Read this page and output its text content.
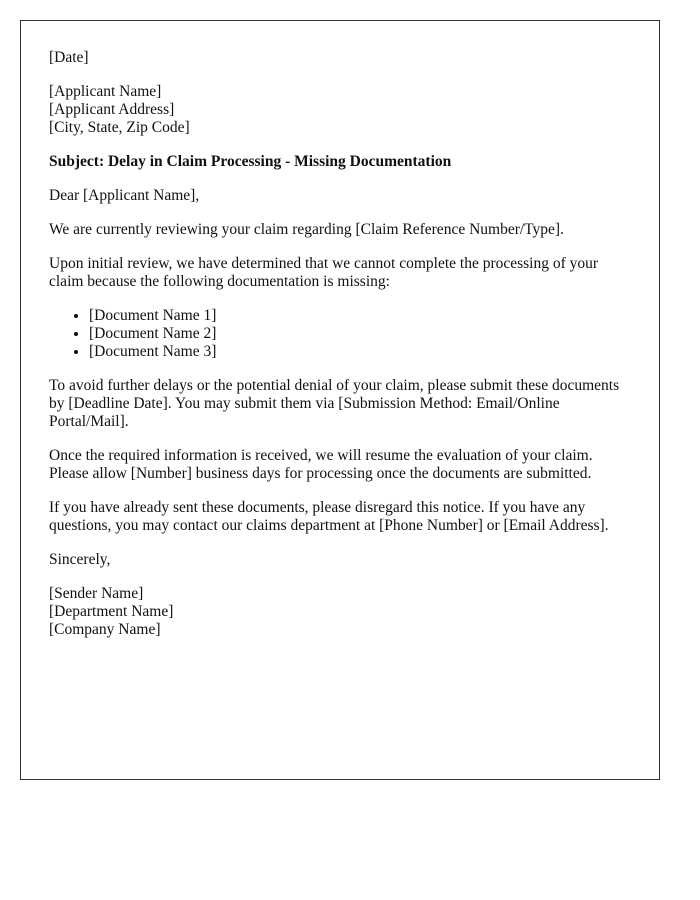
[Date]

[Applicant Name]
[Applicant Address]
[City, State, Zip Code]

Subject: Delay in Claim Processing - Missing Documentation

Dear [Applicant Name],

We are currently reviewing your claim regarding [Claim Reference Number/Type].

Upon initial review, we have determined that we cannot complete the processing of your claim because the following documentation is missing:

• [Document Name 1]
• [Document Name 2]
• [Document Name 3]

To avoid further delays or the potential denial of your claim, please submit these documents by [Deadline Date]. You may submit them via [Submission Method: Email/Online Portal/Mail].

Once the required information is received, we will resume the evaluation of your claim. Please allow [Number] business days for processing once the documents are submitted.

If you have already sent these documents, please disregard this notice. If you have any questions, you may contact our claims department at [Phone Number] or [Email Address].

Sincerely,

[Sender Name]
[Department Name]
[Company Name]
